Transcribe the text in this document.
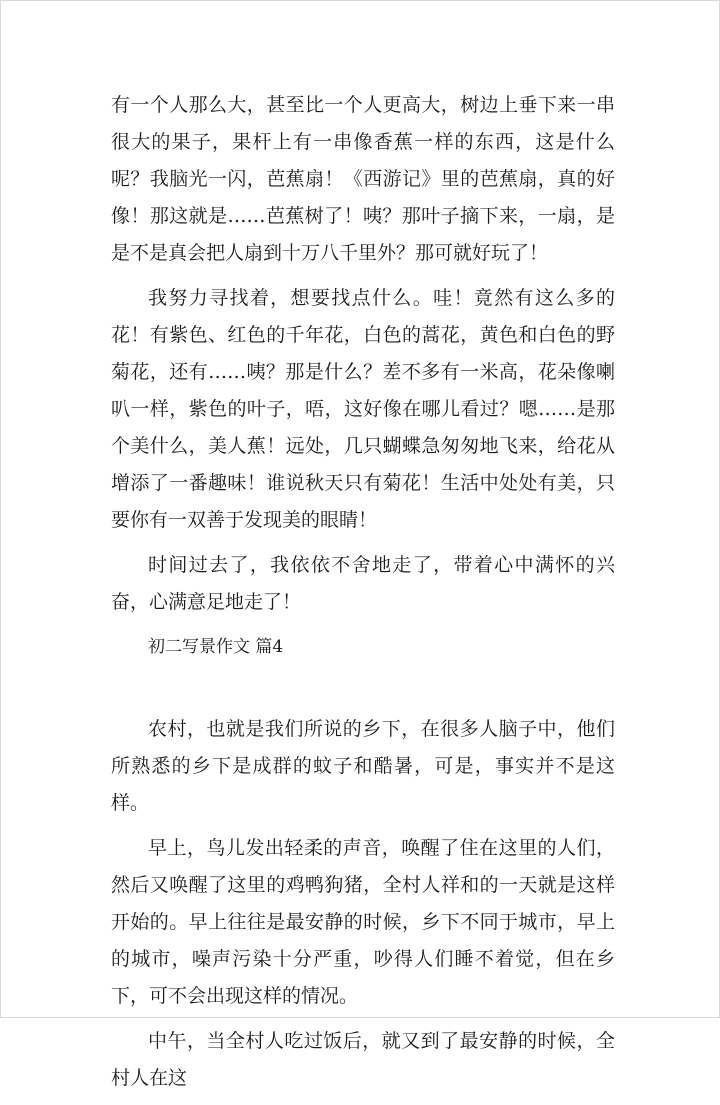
有一个人那么大，甚至比一个人更高大，树边上垂下来一串很大的果子，果杆上有一串像香蕉一样的东西，这是什么呢？我脑光一闪，芭蕉扇！《西游记》里的芭蕉扇，真的好像！那这就是……芭蕉树了！咦？那叶子摘下来，一扇，是是不是真会把人扇到十万八千里外？那可就好玩了！

我努力寻找着，想要找点什么。哇！竟然有这么多的花！有紫色、红色的千年花，白色的蒿花，黄色和白色的野菊花，还有……咦？那是什么？差不多有一米高，花朵像喇叭一样，紫色的叶子，唔，这好像在哪儿看过？嗯……是那个美什么，美人蕉！远处，几只蝴蝶急匆匆地飞来，给花从增添了一番趣味！谁说秋天只有菊花！生活中处处有美，只要你有一双善于发现美的眼睛！

时间过去了，我依依不舍地走了，带着心中满怀的兴奋，心满意足地走了！

初二写景作文 篇4

农村，也就是我们所说的乡下，在很多人脑子中，他们所熟悉的乡下是成群的蚊子和酷暑，可是，事实并不是这样。

早上，鸟儿发出轻柔的声音，唤醒了住在这里的人们，然后又唤醒了这里的鸡鸭狗猪，全村人祥和的一天就是这样开始的。早上往往是最安静的时候，乡下不同于城市，早上的城市，噪声污染十分严重，吵得人们睡不着觉，但在乡下，可不会出现这样的情况。

中午，当全村人吃过饭后，就又到了最安静的时候，全村人在这
